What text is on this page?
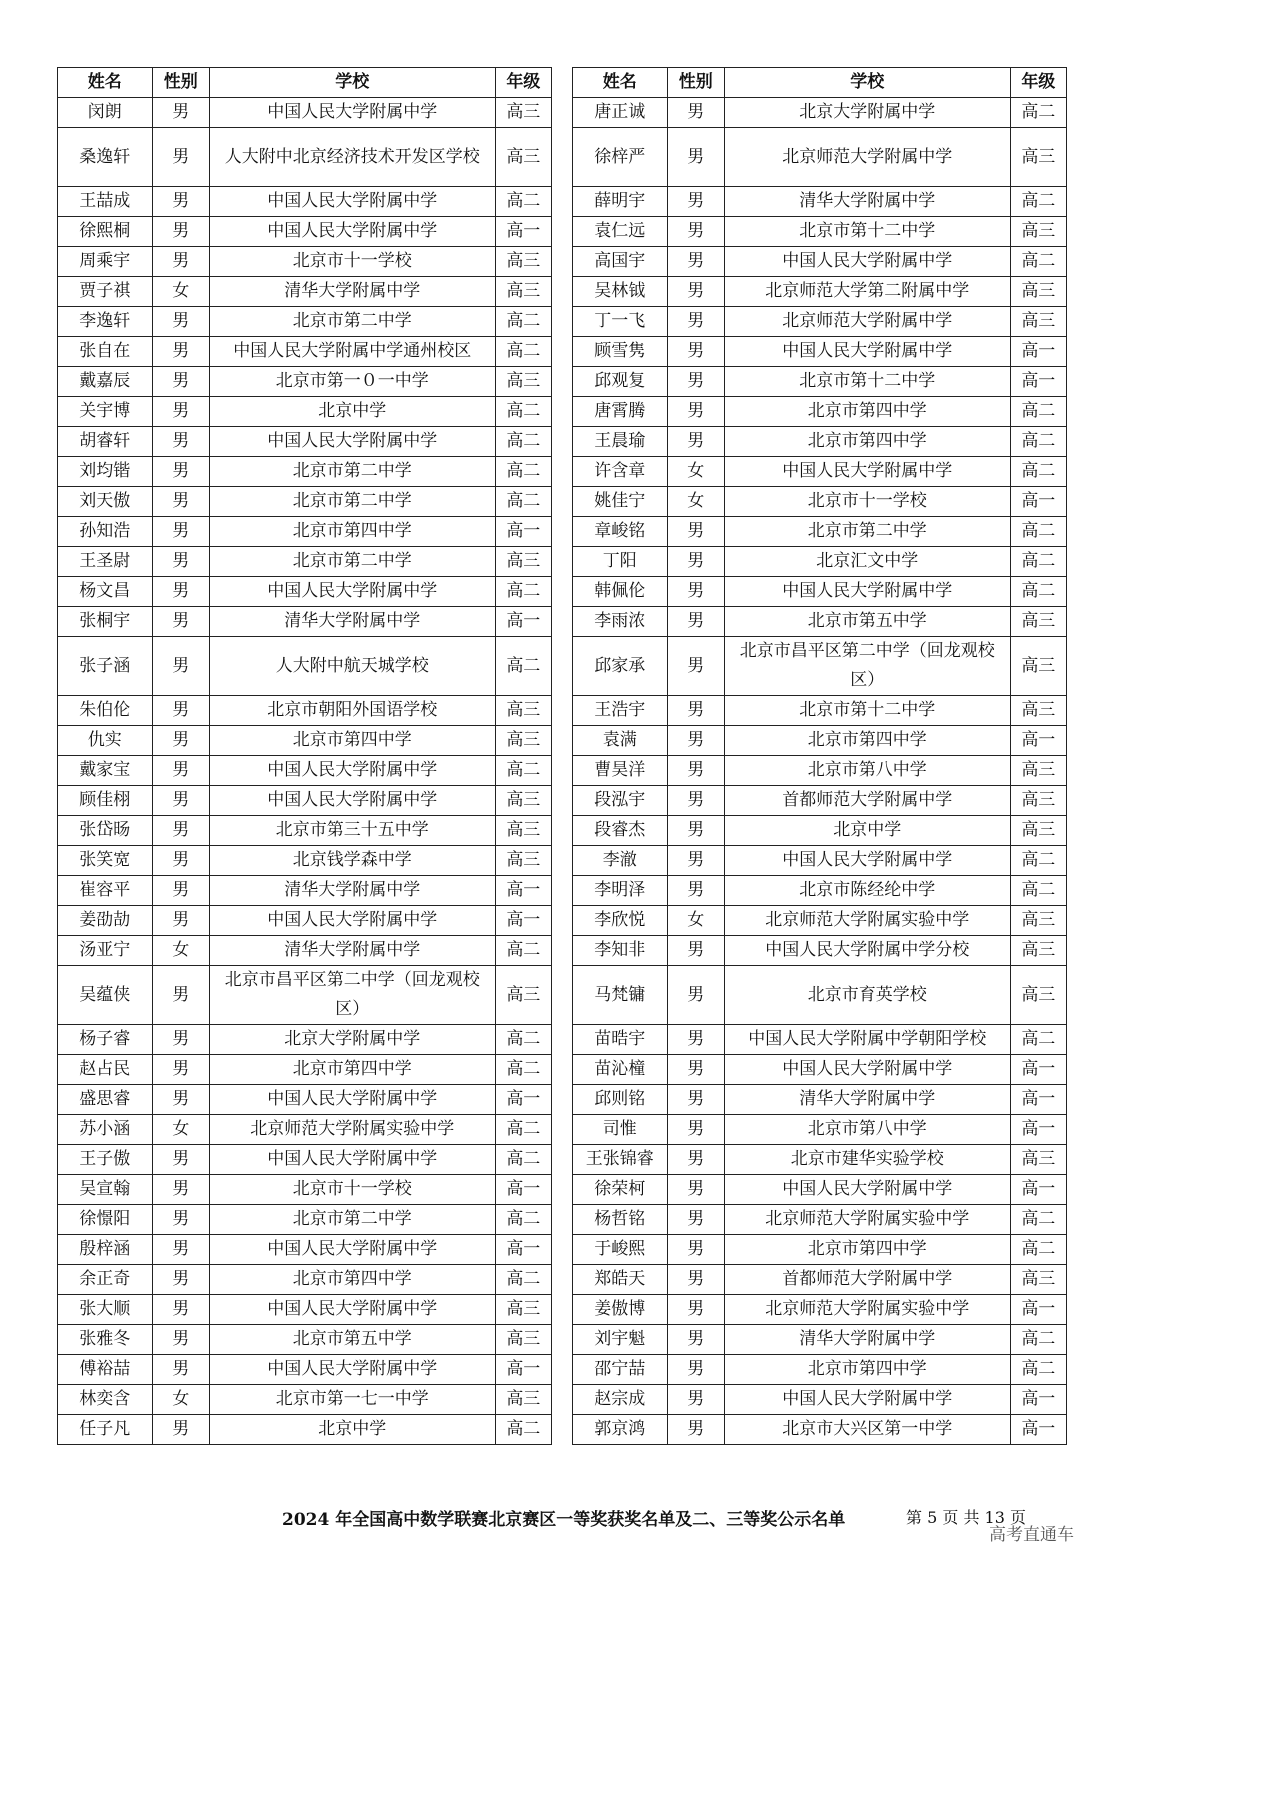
姓名	性别	学校	年级
闵朗	男	中国人民大学附属中学	高三
桑逸轩	男	人大附中北京经济技术开发区学校	高三
王喆成	男	中国人民大学附属中学	高二
徐熙桐	男	中国人民大学附属中学	高一
周乘宇	男	北京市十一学校	高三
贾子祺	女	清华大学附属中学	高三
李逸轩	男	北京市第二中学	高二
张自在	男	中国人民大学附属中学通州校区	高二
戴嘉辰	男	北京市第一０一中学	高三
关宇博	男	北京中学	高二
胡睿轩	男	中国人民大学附属中学	高二
刘均锴	男	北京市第二中学	高二
刘天傲	男	北京市第二中学	高二
孙知浩	男	北京市第四中学	高一
王圣尉	男	北京市第二中学	高三
杨文昌	男	中国人民大学附属中学	高二
张桐宇	男	清华大学附属中学	高一
张子涵	男	人大附中航天城学校	高二
朱伯伦	男	北京市朝阳外国语学校	高三
仇实	男	北京市第四中学	高三
戴家宝	男	中国人民大学附属中学	高二
顾佳栩	男	中国人民大学附属中学	高三
张岱旸	男	北京市第三十五中学	高三
张笑宽	男	北京钱学森中学	高三
崔容平	男	清华大学附属中学	高一
姜劭劼	男	中国人民大学附属中学	高一
汤亚宁	女	清华大学附属中学	高二
吴蕴侠	男	北京市昌平区第二中学（回龙观校区）	高三
杨子睿	男	北京大学附属中学	高二
赵占民	男	北京市第四中学	高二
盛思睿	男	中国人民大学附属中学	高一
苏小涵	女	北京师范大学附属实验中学	高二
王子傲	男	中国人民大学附属中学	高二
吴宣翰	男	北京市十一学校	高一
徐憬阳	男	北京市第二中学	高二
殷梓涵	男	中国人民大学附属中学	高一
余正奇	男	北京市第四中学	高二
张大顺	男	中国人民大学附属中学	高三
张雅冬	男	北京市第五中学	高三
傅裕喆	男	中国人民大学附属中学	高一
林奕含	女	北京市第一七一中学	高三
任子凡	男	北京中学	高二
姓名	性别	学校	年级
唐正诚	男	北京大学附属中学	高二
徐梓严	男	北京师范大学附属中学	高三
薛明宇	男	清华大学附属中学	高二
袁仁远	男	北京市第十二中学	高三
高国宇	男	中国人民大学附属中学	高二
吴林钺	男	北京师范大学第二附属中学	高三
丁一飞	男	北京师范大学附属中学	高三
顾雪隽	男	中国人民大学附属中学	高一
邱观复	男	北京市第十二中学	高一
唐霄腾	男	北京市第四中学	高二
王晨瑜	男	北京市第四中学	高二
许含章	女	中国人民大学附属中学	高二
姚佳宁	女	北京市十一学校	高一
章峻铭	男	北京市第二中学	高二
丁阳	男	北京汇文中学	高二
韩佩伦	男	中国人民大学附属中学	高二
李雨浓	男	北京市第五中学	高三
邱家承	男	北京市昌平区第二中学（回龙观校区）	高三
王浩宇	男	北京市第十二中学	高三
袁满	男	北京市第四中学	高一
曹昊洋	男	北京市第八中学	高三
段泓宇	男	首都师范大学附属中学	高三
段睿杰	男	北京中学	高三
李澈	男	中国人民大学附属中学	高二
李明泽	男	北京市陈经纶中学	高二
李欣悦	女	北京师范大学附属实验中学	高三
李知非	男	中国人民大学附属中学分校	高三
马梵镛	男	北京市育英学校	高三
苗晧宇	男	中国人民大学附属中学朝阳学校	高二
苗沁橦	男	中国人民大学附属中学	高一
邱则铭	男	清华大学附属中学	高一
司惟	男	北京市第八中学	高一
王张锦睿	男	北京市建华实验学校	高三
徐荣柯	男	中国人民大学附属中学	高一
杨哲铭	男	北京师范大学附属实验中学	高二
于峻熙	男	北京市第四中学	高二
郑皓天	男	首都师范大学附属中学	高三
姜傲博	男	北京师范大学附属实验中学	高一
刘宇魁	男	清华大学附属中学	高二
邵宁喆	男	北京市第四中学	高二
赵宗成	男	中国人民大学附属中学	高一
郭京鸿	男	北京市大兴区第一中学	高一
2024 年全国高中数学联赛北京赛区一等奖获奖名单及二、三等奖公示名单	第 5 页 共 13 页
高考直通车
